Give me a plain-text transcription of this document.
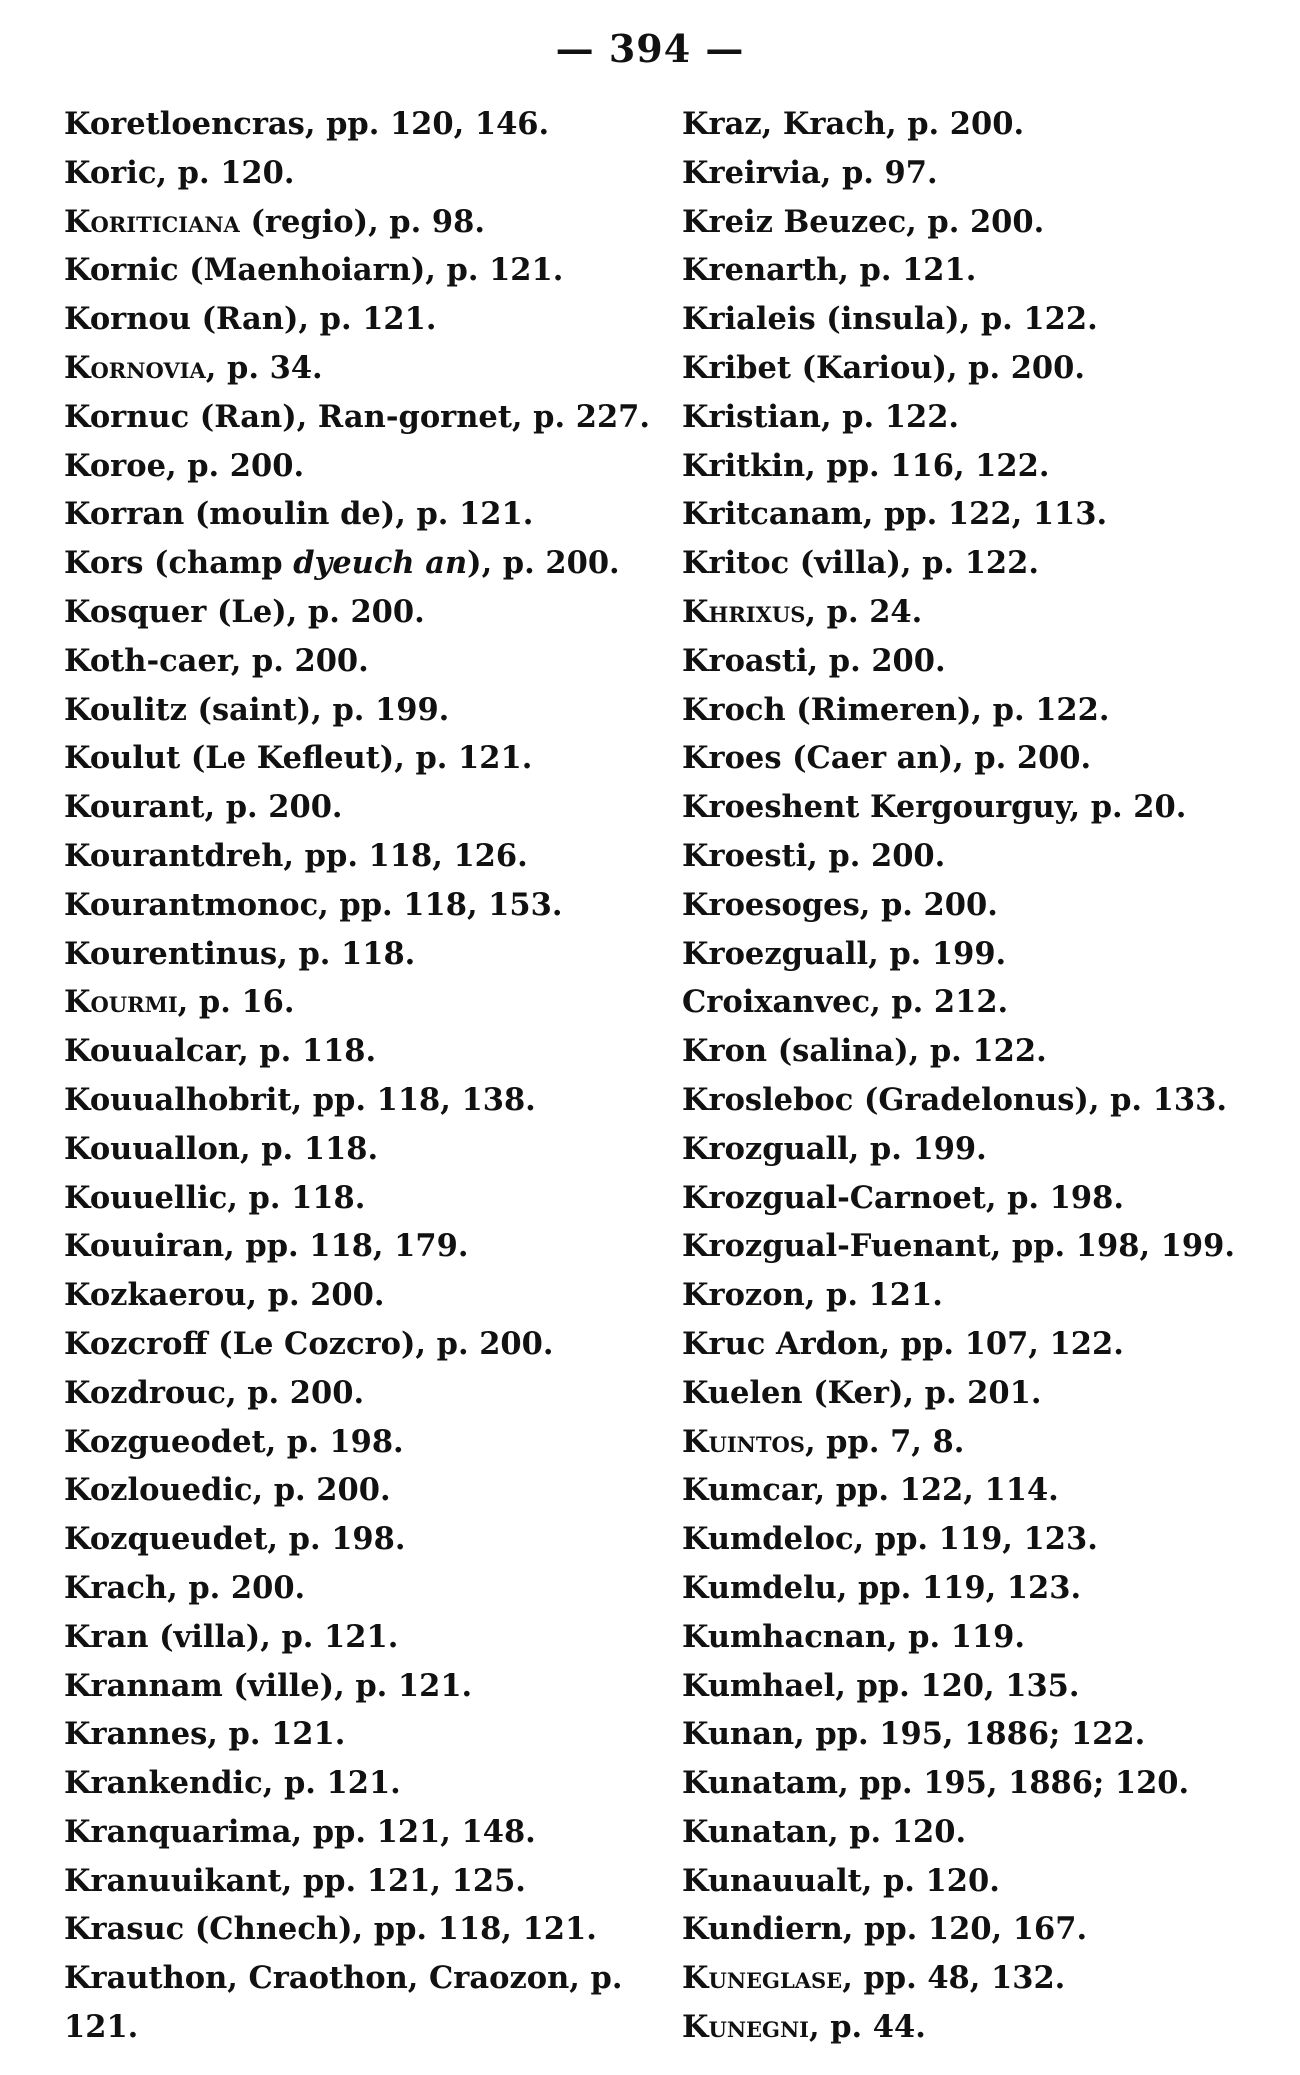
— 394 —
Koretloencras, pp. 120, 146.
Koric, p. 120.
Koriticiana (regio), p. 98.
Kornic (Maenhoiarn), p. 121.
Kornou (Ran), p. 121.
Kornovia, p. 34.
Kornuc (Ran), Ran-gornet, p. 227.
Koroe, p. 200.
Korran (moulin de), p. 121.
Kors (champ dyeuch an), p. 200.
Kosquer (Le), p. 200.
Koth-caer, p. 200.
Koulitz (saint), p. 199.
Koulut (Le Kefleut), p. 121.
Kourant, p. 200.
Kourantdreh, pp. 118, 126.
Kourantmonoc, pp. 118, 153.
Kourentinus, p. 118.
Kourmi, p. 16.
Kouualcar, p. 118.
Kouualhobrit, pp. 118, 138.
Kouuallon, p. 118.
Kouuellic, p. 118.
Kouuiran, pp. 118, 179.
Kozkaerou, p. 200.
Kozcroff (Le Cozcro), p. 200.
Kozdrouc, p. 200.
Kozgueodet, p. 198.
Kozlouedic, p. 200.
Kozqueudet, p. 198.
Krach, p. 200.
Kran (villa), p. 121.
Krannam (ville), p. 121.
Krannes, p. 121.
Krankendic, p. 121.
Kranquarima, pp. 121, 148.
Kranuuikant, pp. 121, 125.
Krasuc (Chnech), pp. 118, 121.
Krauthon, Craothon, Craozon, p. 121.
Kraz, Krach, p. 200.
Kreirvia, p. 97.
Kreiz Beuzec, p. 200.
Krenarth, p. 121.
Krialeis (insula), p. 122.
Kribet (Kariou), p. 200.
Kristian, p. 122.
Kritkin, pp. 116, 122.
Kritcanam, pp. 122, 113.
Kritoc (villa), p. 122.
Khrixus, p. 24.
Kroasti, p. 200.
Kroch (Rimeren), p. 122.
Kroes (Caer an), p. 200.
Kroeshent Kergourguy, p. 20.
Kroesti, p. 200.
Kroesoges, p. 200.
Kroezguall, p. 199.
Croixanvec, p. 212.
Kron (salina), p. 122.
Krosleboc (Gradelonus), p. 133.
Krozguall, p. 199.
Krozgual-Carnoet, p. 198.
Krozgual-Fuenant, pp. 198, 199.
Krozon, p. 121.
Kruc Ardon, pp. 107, 122.
Kuelen (Ker), p. 201.
Kuintos, pp. 7, 8.
Kumcar, pp. 122, 114.
Kumdeloc, pp. 119, 123.
Kumdelu, pp. 119, 123.
Kumhacnan, p. 119.
Kumhael, pp. 120, 135.
Kunan, pp. 195, 1886; 122.
Kunatam, pp. 195, 1886; 120.
Kunatan, p. 120.
Kunauualt, p. 120.
Kundiern, pp. 120, 167.
Kuneglase, pp. 48, 132.
Kunegni, p. 44.
